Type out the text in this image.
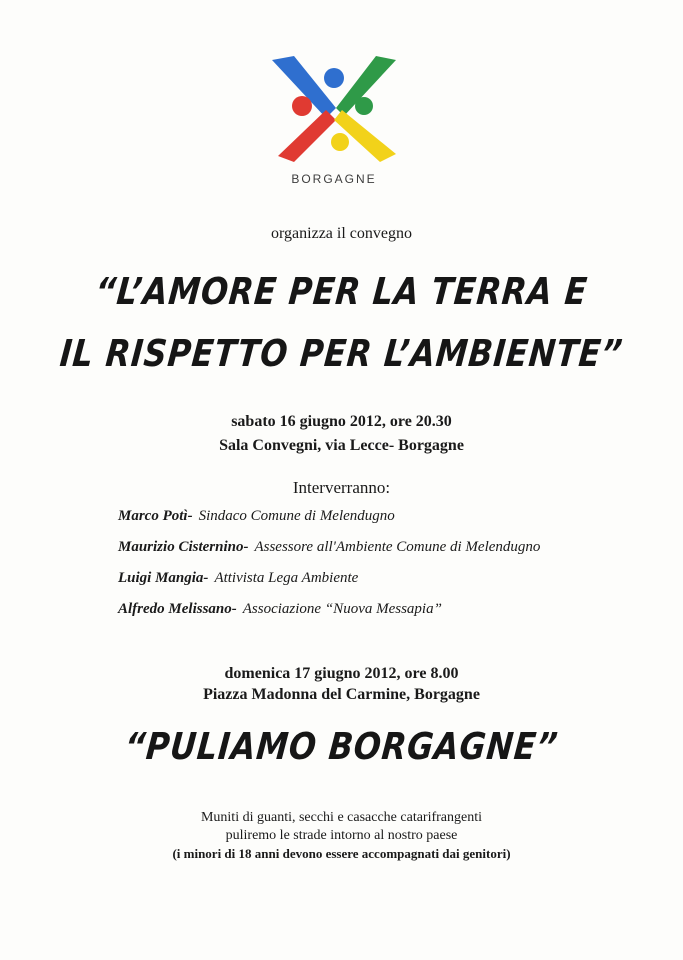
BORGAGNE
organizza il convegno
“L’AMORE PER LA TERRA E
IL RISPETTO PER L’AMBIENTE”
sabato 16 giugno 2012, ore 20.30
Sala Convegni, via Lecce- Borgagne
Interverranno:
Marco Potì- Sindaco Comune di Melendugno
Maurizio Cisternino- Assessore all'Ambiente Comune di Melendugno
Luigi Mangia- Attivista Lega Ambiente
Alfredo Melissano- Associazione “Nuova Messapia”
domenica 17 giugno 2012, ore 8.00
Piazza Madonna del Carmine, Borgagne
“PULIAMO BORGAGNE”
Muniti di guanti, secchi e casacche catarifrangenti
puliremo le strade intorno al nostro paese
(i minori di 18 anni devono essere accompagnati dai genitori)
